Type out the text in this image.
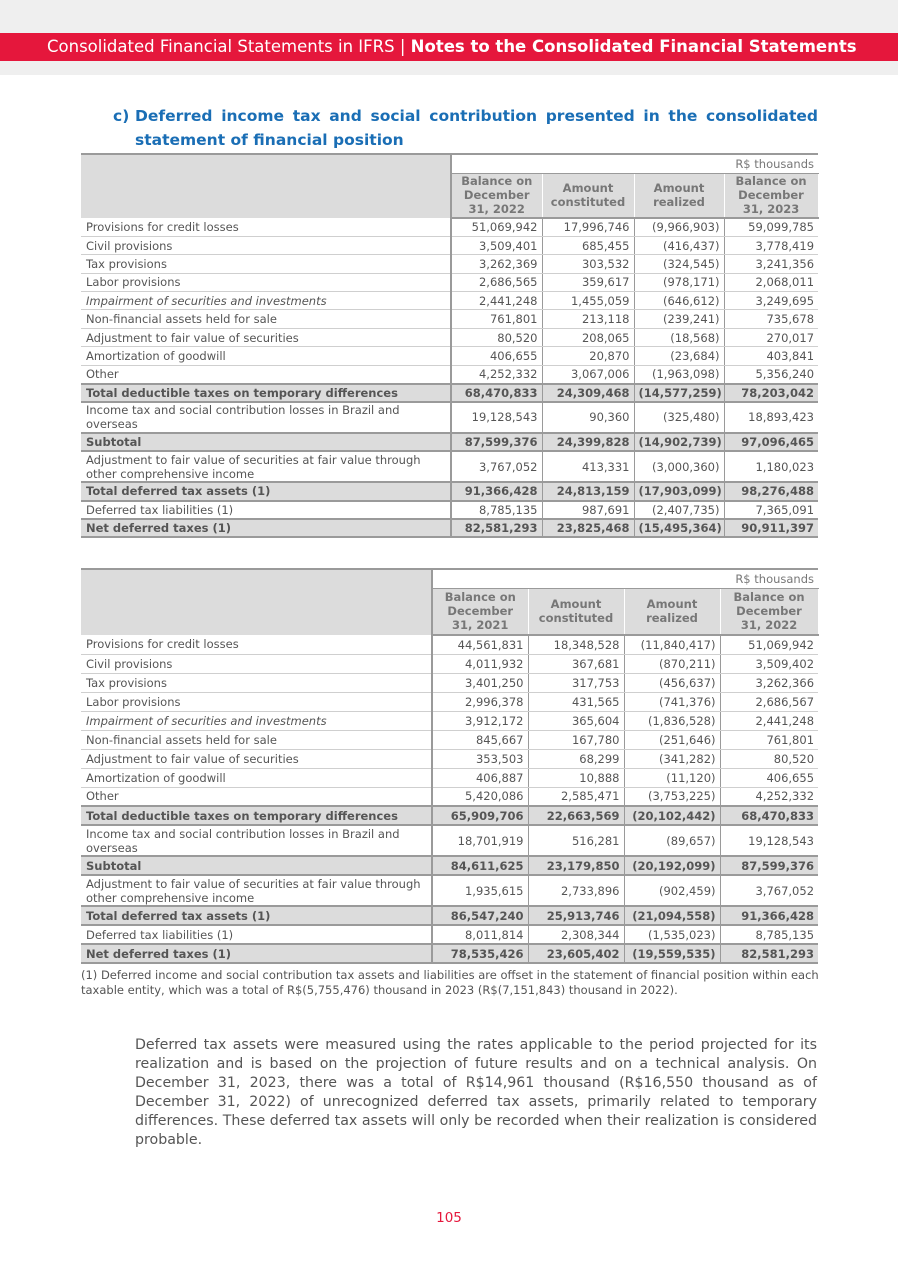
Consolidated Financial Statements in IFRS | Notes to the Consolidated Financial Statements
c) Deferred income tax and social contribution presented in the consolidated statement of financial position
	R$ thousands			
	Balance on December 31, 2022	Amount constituted	Amount realized	Balance on December 31, 2023
Provisions for credit losses	51,069,942	17,996,746	(9,966,903)	59,099,785
Civil provisions	3,509,401	685,455	(416,437)	3,778,419
Tax provisions	3,262,369	303,532	(324,545)	3,241,356
Labor provisions	2,686,565	359,617	(978,171)	2,068,011
Impairment of securities and investments	2,441,248	1,455,059	(646,612)	3,249,695
Non-financial assets held for sale	761,801	213,118	(239,241)	735,678
Adjustment to fair value of securities	80,520	208,065	(18,568)	270,017
Amortization of goodwill	406,655	20,870	(23,684)	403,841
Other	4,252,332	3,067,006	(1,963,098)	5,356,240
Total deductible taxes on temporary differences	68,470,833	24,309,468	(14,577,259)	78,203,042
Income tax and social contribution losses in Brazil and overseas	19,128,543	90,360	(325,480)	18,893,423
Subtotal	87,599,376	24,399,828	(14,902,739)	97,096,465
Adjustment to fair value of securities at fair value through other comprehensive income	3,767,052	413,331	(3,000,360)	1,180,023
Total deferred tax assets (1)	91,366,428	24,813,159	(17,903,099)	98,276,488
Deferred tax liabilities (1)	8,785,135	987,691	(2,407,735)	7,365,091
Net deferred taxes (1)	82,581,293	23,825,468	(15,495,364)	90,911,397
	R$ thousands			
	Balance on December 31, 2021	Amount constituted	Amount realized	Balance on December 31, 2022
Provisions for credit losses	44,561,831	18,348,528	(11,840,417)	51,069,942
Civil provisions	4,011,932	367,681	(870,211)	3,509,402
Tax provisions	3,401,250	317,753	(456,637)	3,262,366
Labor provisions	2,996,378	431,565	(741,376)	2,686,567
Impairment of securities and investments	3,912,172	365,604	(1,836,528)	2,441,248
Non-financial assets held for sale	845,667	167,780	(251,646)	761,801
Adjustment to fair value of securities	353,503	68,299	(341,282)	80,520
Amortization of goodwill	406,887	10,888	(11,120)	406,655
Other	5,420,086	2,585,471	(3,753,225)	4,252,332
Total deductible taxes on temporary differences	65,909,706	22,663,569	(20,102,442)	68,470,833
Income tax and social contribution losses in Brazil and overseas	18,701,919	516,281	(89,657)	19,128,543
Subtotal	84,611,625	23,179,850	(20,192,099)	87,599,376
Adjustment to fair value of securities at fair value through other comprehensive income	1,935,615	2,733,896	(902,459)	3,767,052
Total deferred tax assets (1)	86,547,240	25,913,746	(21,094,558)	91,366,428
Deferred tax liabilities (1)	8,011,814	2,308,344	(1,535,023)	8,785,135
Net deferred taxes (1)	78,535,426	23,605,402	(19,559,535)	82,581,293
(1) Deferred income and social contribution tax assets and liabilities are offset in the statement of financial position within each taxable entity, which was a total of R$(5,755,476) thousand in 2023 (R$(7,151,843) thousand in 2022).
Deferred tax assets were measured using the rates applicable to the period projected for its realization and is based on the projection of future results and on a technical analysis. On December 31, 2023, there was a total of R$14,961 thousand (R$16,550 thousand as of December 31, 2022) of unrecognized deferred tax assets, primarily related to temporary differences. These deferred tax assets will only be recorded when their realization is considered probable.
105
